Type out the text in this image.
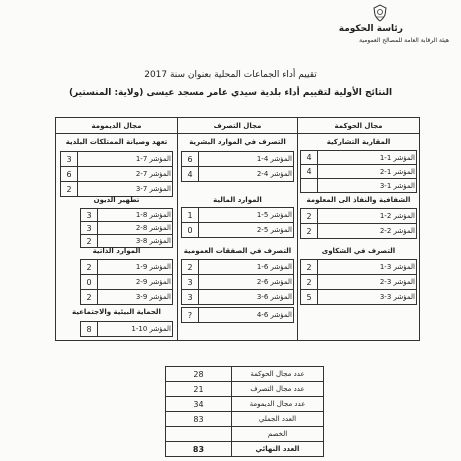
رئاسة الحكومة
هيئة الرقابة العامة للمصالح العمومية
تقييم أداء الجماعات المحلية بعنوان سنة 2017
النتائج الأولية لتقييم أداء بلدية سيدي عامر مسجد عيسى (ولاية: المنستير)
مجال الحوكمة
مجال التصرف
مجال الديمومة
المقاربة التشاركية
4	المؤشر 1-1
4	المؤشر 1-2
	المؤشر 1-3
الشفافية والنفاذ الى المعلومة
2	المؤشر 2-1
2	المؤشر 2-2
التصرف في الشكاوى
2	المؤشر 3-1
2	المؤشر 3-2
5	المؤشر 3-3
التصرف في الموارد البشرية
6	المؤشر 4-1
4	المؤشر 4-2
الموارد المالية
1	المؤشر 5-1
0	المؤشر 5-2
التصرف في الصفقات العمومية
2	المؤشر 6-1
3	المؤشر 6-2
3	المؤشر 6-3
?	المؤشر 6-4
تعهد وصيانة الممتلكات البلدية
3	المؤشر 7-1
6	المؤشر 7-2
2	المؤشر 7-3
تطهير الديون
3	المؤشر 8-1
3	المؤشر 8-2
2	المؤشر 8-3
الموارد الذاتية
2	المؤشر 9-1
0	المؤشر 9-2
2	المؤشر 9-3
الحماية البيئية والاجتماعية
8	المؤشر 10-1
28	عدد مجال الحوكمة
21	عدد مجال التصرف
34	عدد مجال الديمومة
83	العدد الجملي
	الخصم
83	العدد النهائي
